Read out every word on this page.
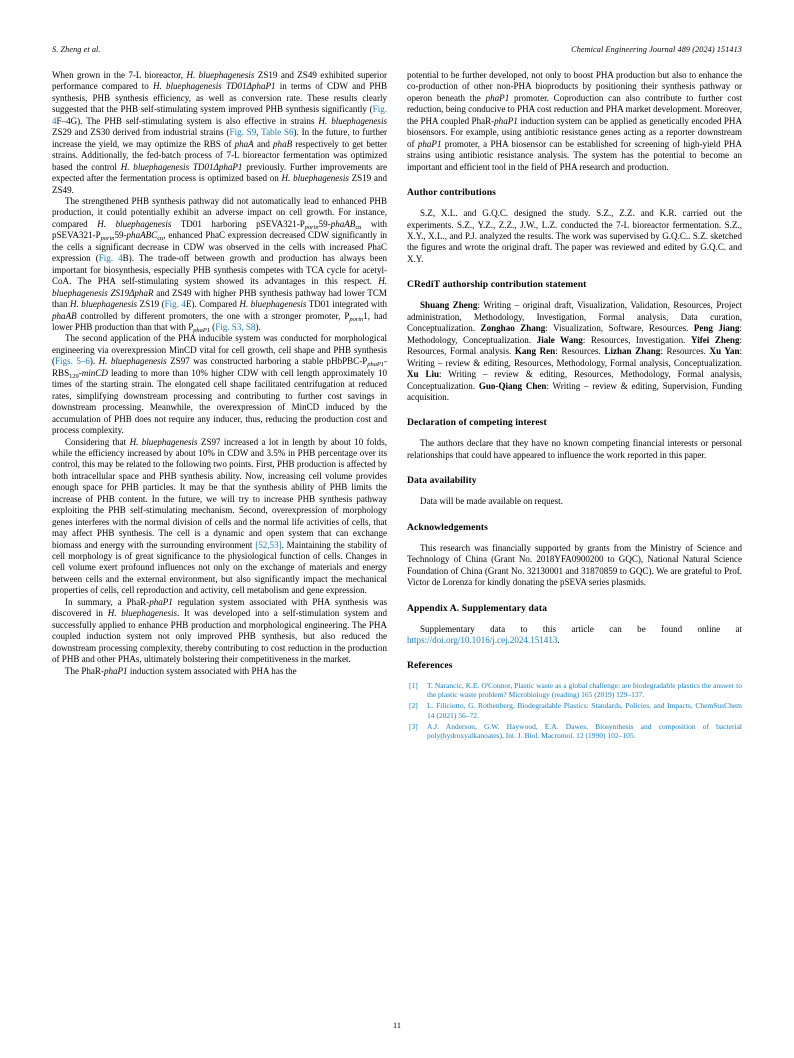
S. Zheng et al.	Chemical Engineering Journal 489 (2024) 151413

When grown in the 7-L bioreactor, H. bluephagenesis ZS19 and ZS49 exhibited superior performance compared to H. bluephagenesis TD01ΔphaP1 in terms of CDW and PHB synthesis, PHB synthesis efficiency, as well as conversion rate. These results clearly suggested that the PHB self-stimulating system improved PHB synthesis significantly (Fig. 4F–4G). The PHB self-stimulating system is also effective in strains H. bluephagenesis ZS29 and ZS30 derived from industrial strains (Fig. S9, Table S6). In the future, to further increase the yield, we may optimize the RBS of phaA and phaB respectively to get better strains. Additionally, the fed-batch process of 7-L bioreactor fermentation was optimized based the control H. bluephagenesis TD01ΔphaP1 previously. Further improvements are expected after the fermentation process is optimized based on H. bluephagenesis ZS19 and ZS49.

The strengthened PHB synthesis pathway did not automatically lead to enhanced PHB production, it could potentially exhibit an adverse impact on cell growth. For instance, compared H. bluephagenesis TD01 harboring $pSEVA321-P_{porin}59-phaAB_{cn}$ with $pSEVA321-P_{porin}59-phaABC_{cn}$, enhanced PhaC expression decreased CDW significantly in the cells a significant decrease in CDW was observed in the cells with increased PhaC expression (Fig. 4B). The trade-off between growth and production has always been important for biosynthesis, especially PHB synthesis competes with TCA cycle for acetyl-CoA. The PHA self-stimulating system showed its advantages in this respect. H. bluephagenesis ZS19ΔphaR and ZS49 with higher PHB synthesis pathway had lower TCM than H. bluephagenesis ZS19 (Fig. 4E). Compared H. bluephagenesis TD01 integrated with phaAB controlled by different promoters, the one with a stronger promoter, $P_{porin}1$, had lower PHB production than that with $P_{phaP1}$ (Fig. S3, S8).

The second application of the PHA inducible system was conducted for morphological engineering via overexpression MinCD vital for cell growth, cell shape and PHB synthesis (Figs. 5–6). H. bluephagenesis ZS97 was constructed harboring a stable pHbPBC-$P_{phaP1}-RBS_{129}$-minCD leading to more than 10% higher CDW with cell length approximately 10 times of the starting strain. The elongated cell shape facilitated centrifugation at reduced rates, simplifying downstream processing and contributing to further cost savings in downstream processing. Meanwhile, the overexpression of MinCD induced by the accumulation of PHB does not require any inducer, thus, reducing the production cost and process complexity.

Considering that H. bluephagenesis ZS97 increased a lot in length by about 10 folds, while the efficiency increased by about 10% in CDW and 3.5% in PHB percentage over its control, this may be related to the following two points. First, PHB production is affected by both intracellular space and PHB synthesis ability. Now, increasing cell volume provides enough space for PHB particles. It may be that the synthesis ability of PHB limits the increase of PHB content. In the future, we will try to increase PHB synthesis pathway exploiting the PHB self-stimulating mechanism. Second, overexpression of morphology genes interferes with the normal division of cells and the normal life activities of cells, that may affect PHB synthesis. The cell is a dynamic and open system that can exchange biomass and energy with the surrounding environment [52,53]. Maintaining the stability of cell morphology is of great significance to the physiological function of cells. Changes in cell volume exert profound influences not only on the exchange of materials and energy between cells and the external environment, but also significantly impact the mechanical properties of cells, cell reproduction and activity, cell metabolism and gene expression.

In summary, a PhaR-phaP1 regulation system associated with PHA synthesis was discovered in H. bluephagenesis. It was developed into a self-stimulation system and successfully applied to enhance PHB production and morphological engineering. The PHA coupled induction system not only improved PHB synthesis, but also reduced the downstream processing complexity, thereby contributing to cost reduction in the production of PHB and other PHAs, ultimately bolstering their competitiveness in the market.

The PhaR-phaP1 induction system associated with PHA has the

potential to be further developed, not only to boost PHA production but also to enhance the co-production of other non-PHA bioproducts by positioning their synthesis pathway or operon beneath the phaP1 promoter. Coproduction can also contribute to further cost reduction, being conducive to PHA cost reduction and PHA market development. Moreover, the PHA coupled PhaR-phaP1 induction system can be applied as genetically encoded PHA biosensors. For example, using antibiotic resistance genes acting as a reporter downstream of phaP1 promoter, a PHA biosensor can be established for screening of high-yield PHA strains using antibiotic resistance analysis. The system has the potential to become an important and efficient tool in the field of PHA research and production.

Author contributions

S.Z, X.L. and G.Q.C. designed the study. S.Z., Z.Z. and K.R. carried out the experiments. S.Z., Y.Z., Z.Z., J.W., L.Z. conducted the 7-L bioreactor fermentation. S.Z., X.Y., X.L., and P.J. analyzed the results. The work was supervised by G.Q.C.. S.Z. sketched the figures and wrote the original draft. The paper was reviewed and edited by G.Q.C. and X.Y.

CRediT authorship contribution statement

Shuang Zheng: Writing – original draft, Visualization, Validation, Resources, Project administration, Methodology, Investigation, Formal analysis, Data curation, Conceptualization. Zonghao Zhang: Visualization, Software, Resources. Peng Jiang: Methodology, Conceptualization. Jiale Wang: Resources, Investigation. Yifei Zheng: Resources, Formal analysis. Kang Ren: Resources. Lizhan Zhang: Resources. Xu Yan: Writing – review & editing, Resources, Methodology, Formal analysis, Conceptualization. Xu Liu: Writing – review & editing, Resources, Methodology, Formal analysis, Conceptualization. Guo-Qiang Chen: Writing – review & editing, Supervision, Funding acquisition.

Declaration of competing interest

The authors declare that they have no known competing financial interests or personal relationships that could have appeared to influence the work reported in this paper.

Data availability

Data will be made available on request.

Acknowledgements

This research was financially supported by grants from the Ministry of Science and Technology of China (Grant No. 2018YFA0900200 to GQC), National Natural Science Foundation of China (Grant No. 32130001 and 31870859 to GQC). We are grateful to Prof. Victor de Lorenza for kindly donating the pSEVA series plasmids.

Appendix A. Supplementary data

Supplementary data to this article can be found online at https://doi.org/10.1016/j.cej.2024.151413.

References
[1]	T. Narancic, K.E. O'Connor, Plastic waste as a global challenge: are biodegradable plastics the answer to the plastic waste problem? Microbiology (reading) 165 (2019) 129–137.
[2]	L. Filiciotto, G. Rothenberg, Biodegradable Plastics: Standards, Policies, and Impacts, ChemSusChem 14 (2021) 56–72.
[3]	A.J. Anderson, G.W. Haywood, E.A. Dawes, Biosynthesis and composition of bacterial poly(hydroxyalkanoates), Int. J. Biol. Macromol. 12 (1990) 102–105.
11
